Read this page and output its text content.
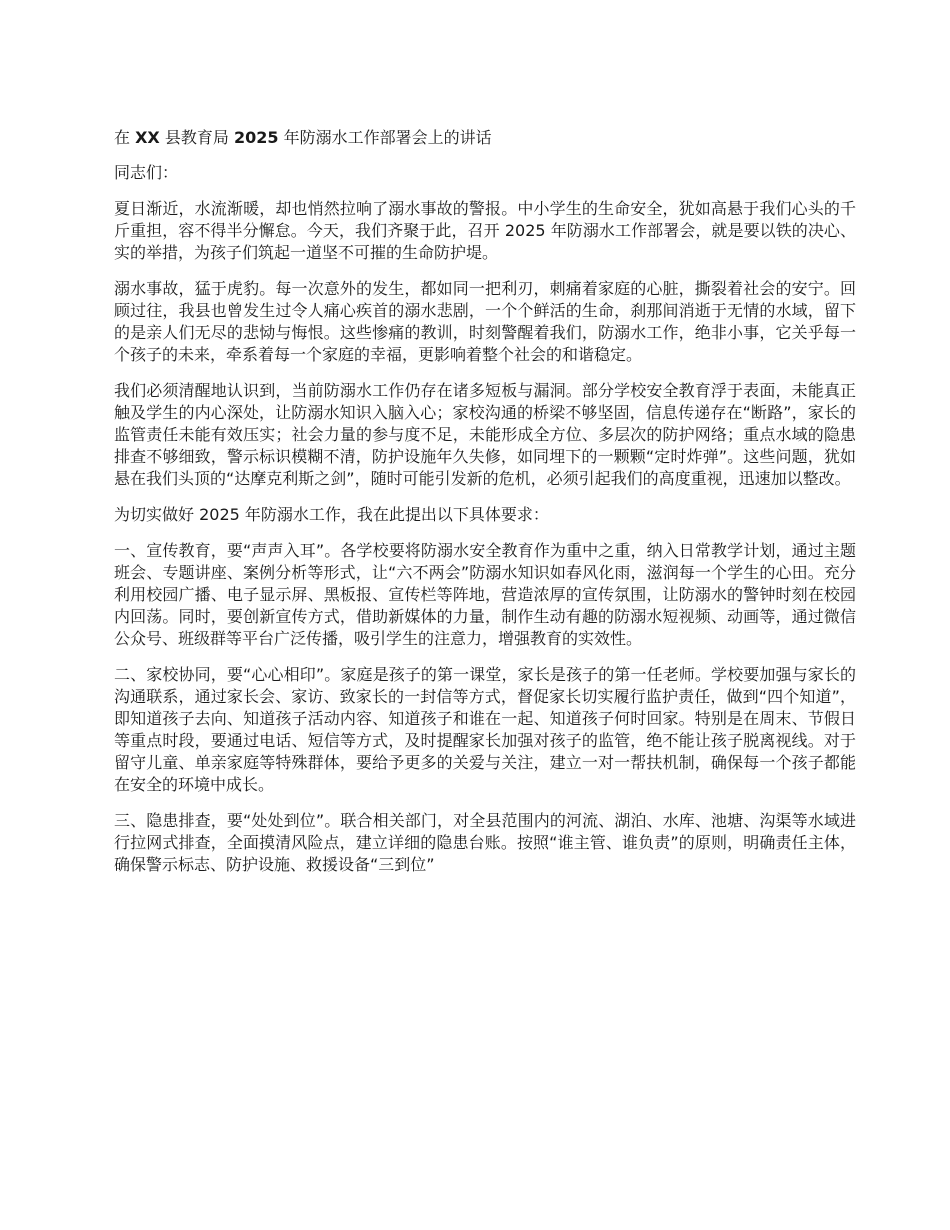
在 XX 县教育局 2025 年防溺水工作部署会上的讲话

同志们：

夏日渐近，水流渐暖，却也悄然拉响了溺水事故的警报。中小学生的生命安全，犹如高悬于我们心头的千斤重担，容不得半分懈怠。今天，我们齐聚于此，召开 2025 年防溺水工作部署会，就是要以铁的决心、实的举措，为孩子们筑起一道坚不可摧的生命防护堤。

溺水事故，猛于虎豹。每一次意外的发生，都如同一把利刃，刺痛着家庭的心脏，撕裂着社会的安宁。回顾过往，我县也曾发生过令人痛心疾首的溺水悲剧，一个个鲜活的生命，刹那间消逝于无情的水域，留下的是亲人们无尽的悲恸与悔恨。这些惨痛的教训，时刻警醒着我们，防溺水工作，绝非小事，它关乎每一个孩子的未来，牵系着每一个家庭的幸福，更影响着整个社会的和谐稳定。

我们必须清醒地认识到，当前防溺水工作仍存在诸多短板与漏洞。部分学校安全教育浮于表面，未能真正触及学生的内心深处，让防溺水知识入脑入心；家校沟通的桥梁不够坚固，信息传递存在“断路”，家长的监管责任未能有效压实；社会力量的参与度不足，未能形成全方位、多层次的防护网络；重点水域的隐患排查不够细致，警示标识模糊不清，防护设施年久失修，如同埋下的一颗颗“定时炸弹”。这些问题，犹如悬在我们头顶的“达摩克利斯之剑”，随时可能引发新的危机，必须引起我们的高度重视，迅速加以整改。

为切实做好 2025 年防溺水工作，我在此提出以下具体要求：

一、宣传教育，要“声声入耳”。各学校要将防溺水安全教育作为重中之重，纳入日常教学计划，通过主题班会、专题讲座、案例分析等形式，让“六不两会”防溺水知识如春风化雨，滋润每一个学生的心田。充分利用校园广播、电子显示屏、黑板报、宣传栏等阵地，营造浓厚的宣传氛围，让防溺水的警钟时刻在校园内回荡。同时，要创新宣传方式，借助新媒体的力量，制作生动有趣的防溺水短视频、动画等，通过微信公众号、班级群等平台广泛传播，吸引学生的注意力，增强教育的实效性。

二、家校协同，要“心心相印”。家庭是孩子的第一课堂，家长是孩子的第一任老师。学校要加强与家长的沟通联系，通过家长会、家访、致家长的一封信等方式，督促家长切实履行监护责任，做到“四个知道”，即知道孩子去向、知道孩子活动内容、知道孩子和谁在一起、知道孩子何时回家。特别是在周末、节假日等重点时段，要通过电话、短信等方式，及时提醒家长加强对孩子的监管，绝不能让孩子脱离视线。对于留守儿童、单亲家庭等特殊群体，要给予更多的关爱与关注，建立一对一帮扶机制，确保每一个孩子都能在安全的环境中成长。

三、隐患排查，要“处处到位”。联合相关部门，对全县范围内的河流、湖泊、水库、池塘、沟渠等水域进行拉网式排查，全面摸清风险点，建立详细的隐患台账。按照“谁主管、谁负责”的原则，明确责任主体，确保警示标志、防护设施、救援设备“三到位”
